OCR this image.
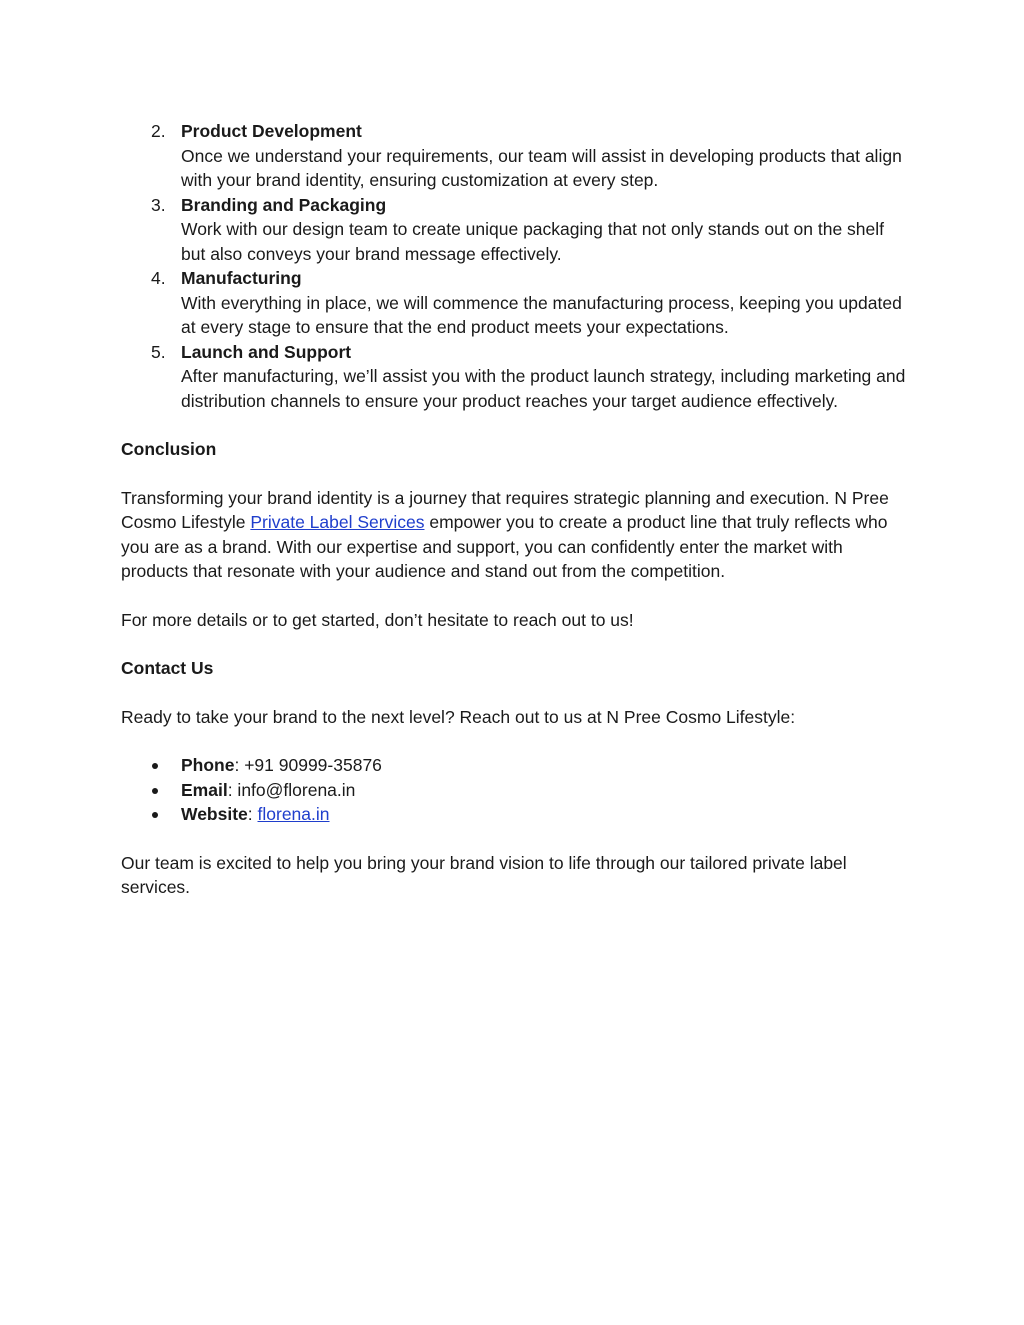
2. Product Development
Once we understand your requirements, our team will assist in developing products that align with your brand identity, ensuring customization at every step.
3. Branding and Packaging
Work with our design team to create unique packaging that not only stands out on the shelf but also conveys your brand message effectively.
4. Manufacturing
With everything in place, we will commence the manufacturing process, keeping you updated at every stage to ensure that the end product meets your expectations.
5. Launch and Support
After manufacturing, we’ll assist you with the product launch strategy, including marketing and distribution channels to ensure your product reaches your target audience effectively.
Conclusion

Transforming your brand identity is a journey that requires strategic planning and execution. N Pree Cosmo Lifestyle Private Label Services empower you to create a product line that truly reflects who you are as a brand. With our expertise and support, you can confidently enter the market with products that resonate with your audience and stand out from the competition.

For more details or to get started, don’t hesitate to reach out to us!

Contact Us

Ready to take your brand to the next level? Reach out to us at N Pree Cosmo Lifestyle:

Phone: +91 90999-35876
Email: info@florena.in
Website: florena.in

Our team is excited to help you bring your brand vision to life through our tailored private label services.
